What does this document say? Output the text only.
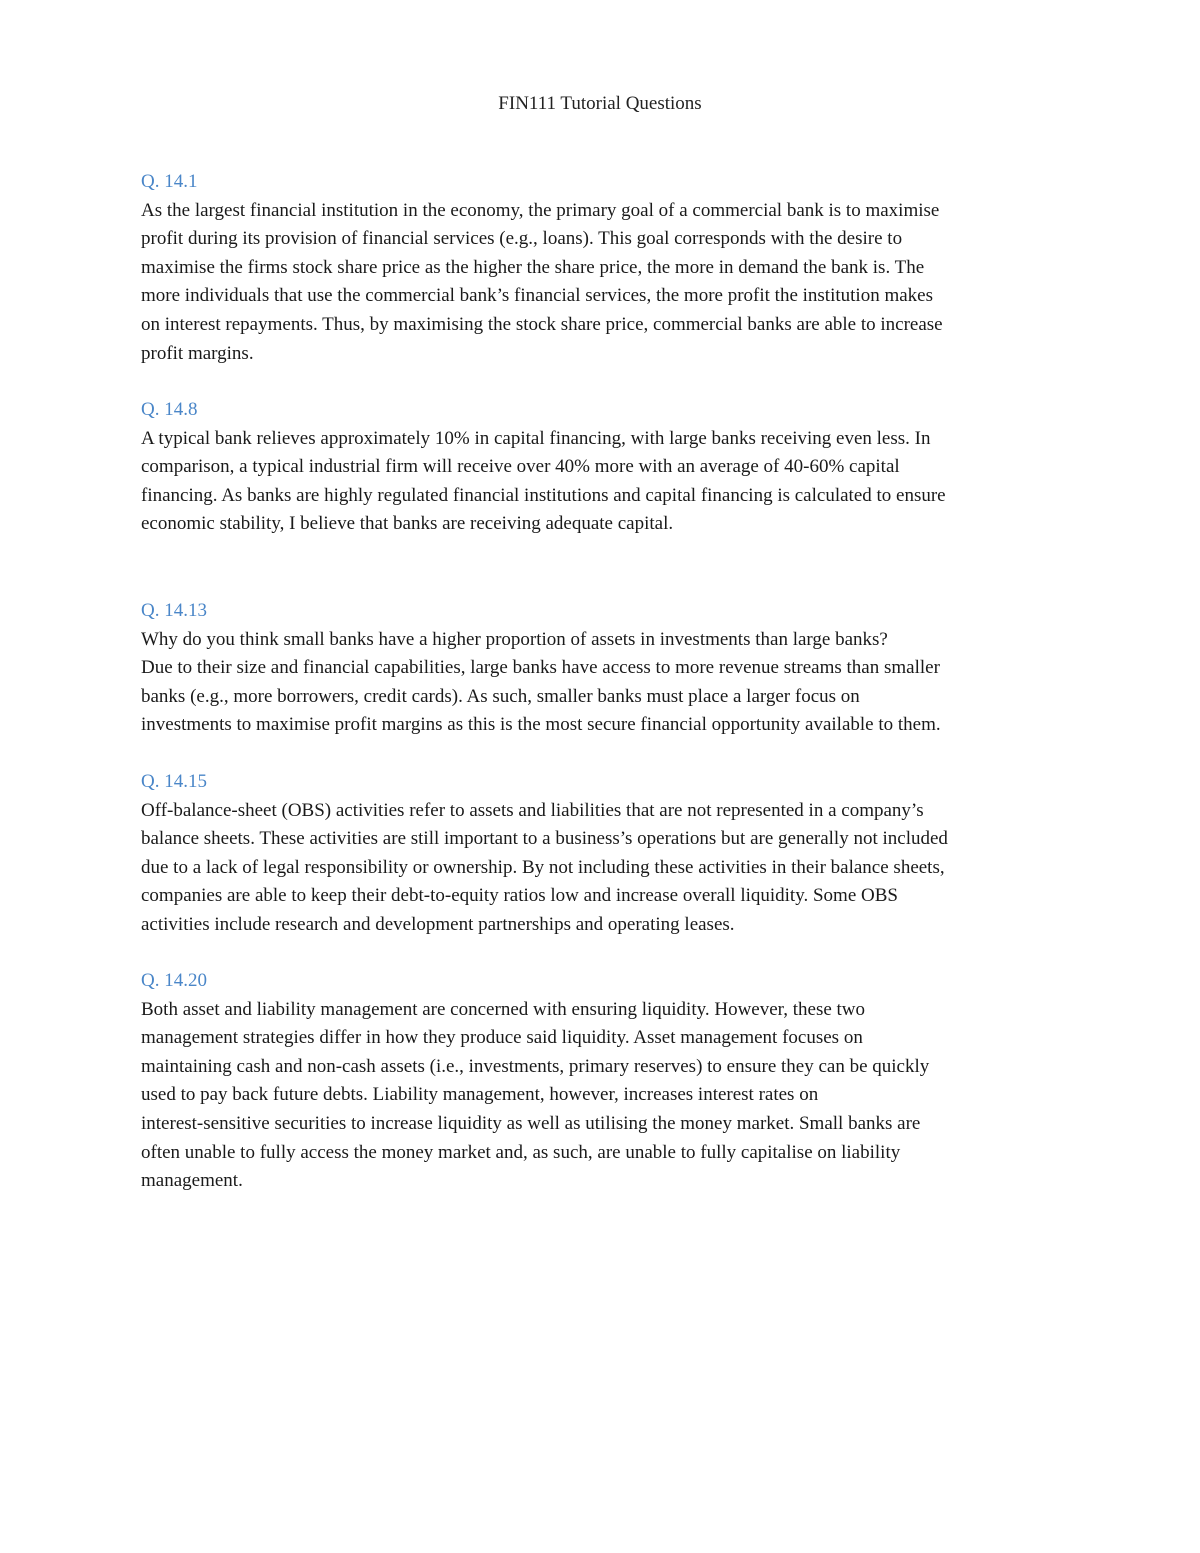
FIN111 Tutorial Questions
Q. 14.1
As the largest financial institution in the economy, the primary goal of a commercial bank is to maximise
profit during its provision of financial services (e.g., loans). This goal corresponds with the desire to
maximise the firms stock share price as the higher the share price, the more in demand the bank is. The
more individuals that use the commercial bank’s financial services, the more profit the institution makes
on interest repayments. Thus, by maximising the stock share price, commercial banks are able to increase
profit margins.
Q. 14.8
A typical bank relieves approximately 10% in capital financing, with large banks receiving even less. In
comparison, a typical industrial firm will receive over 40% more with an average of 40-60% capital
financing. As banks are highly regulated financial institutions and capital financing is calculated to ensure
economic stability, I believe that banks are receiving adequate capital.
Q. 14.13
Why do you think small banks have a higher proportion of assets in investments than large banks?
Due to their size and financial capabilities, large banks have access to more revenue streams than smaller
banks (e.g., more borrowers, credit cards). As such, smaller banks must place a larger focus on
investments to maximise profit margins as this is the most secure financial opportunity available to them.
Q. 14.15
Off-balance-sheet (OBS) activities refer to assets and liabilities that are not represented in a company’s
balance sheets. These activities are still important to a business’s operations but are generally not included
due to a lack of legal responsibility or ownership. By not including these activities in their balance sheets,
companies are able to keep their debt-to-equity ratios low and increase overall liquidity. Some OBS
activities include research and development partnerships and operating leases.
Q. 14.20
Both asset and liability management are concerned with ensuring liquidity. However, these two
management strategies differ in how they produce said liquidity. Asset management focuses on
maintaining cash and non-cash assets (i.e., investments, primary reserves) to ensure they can be quickly
used to pay back future debts. Liability management, however, increases interest rates on
interest-sensitive securities to increase liquidity as well as utilising the money market. Small banks are
often unable to fully access the money market and, as such, are unable to fully capitalise on liability
management.
